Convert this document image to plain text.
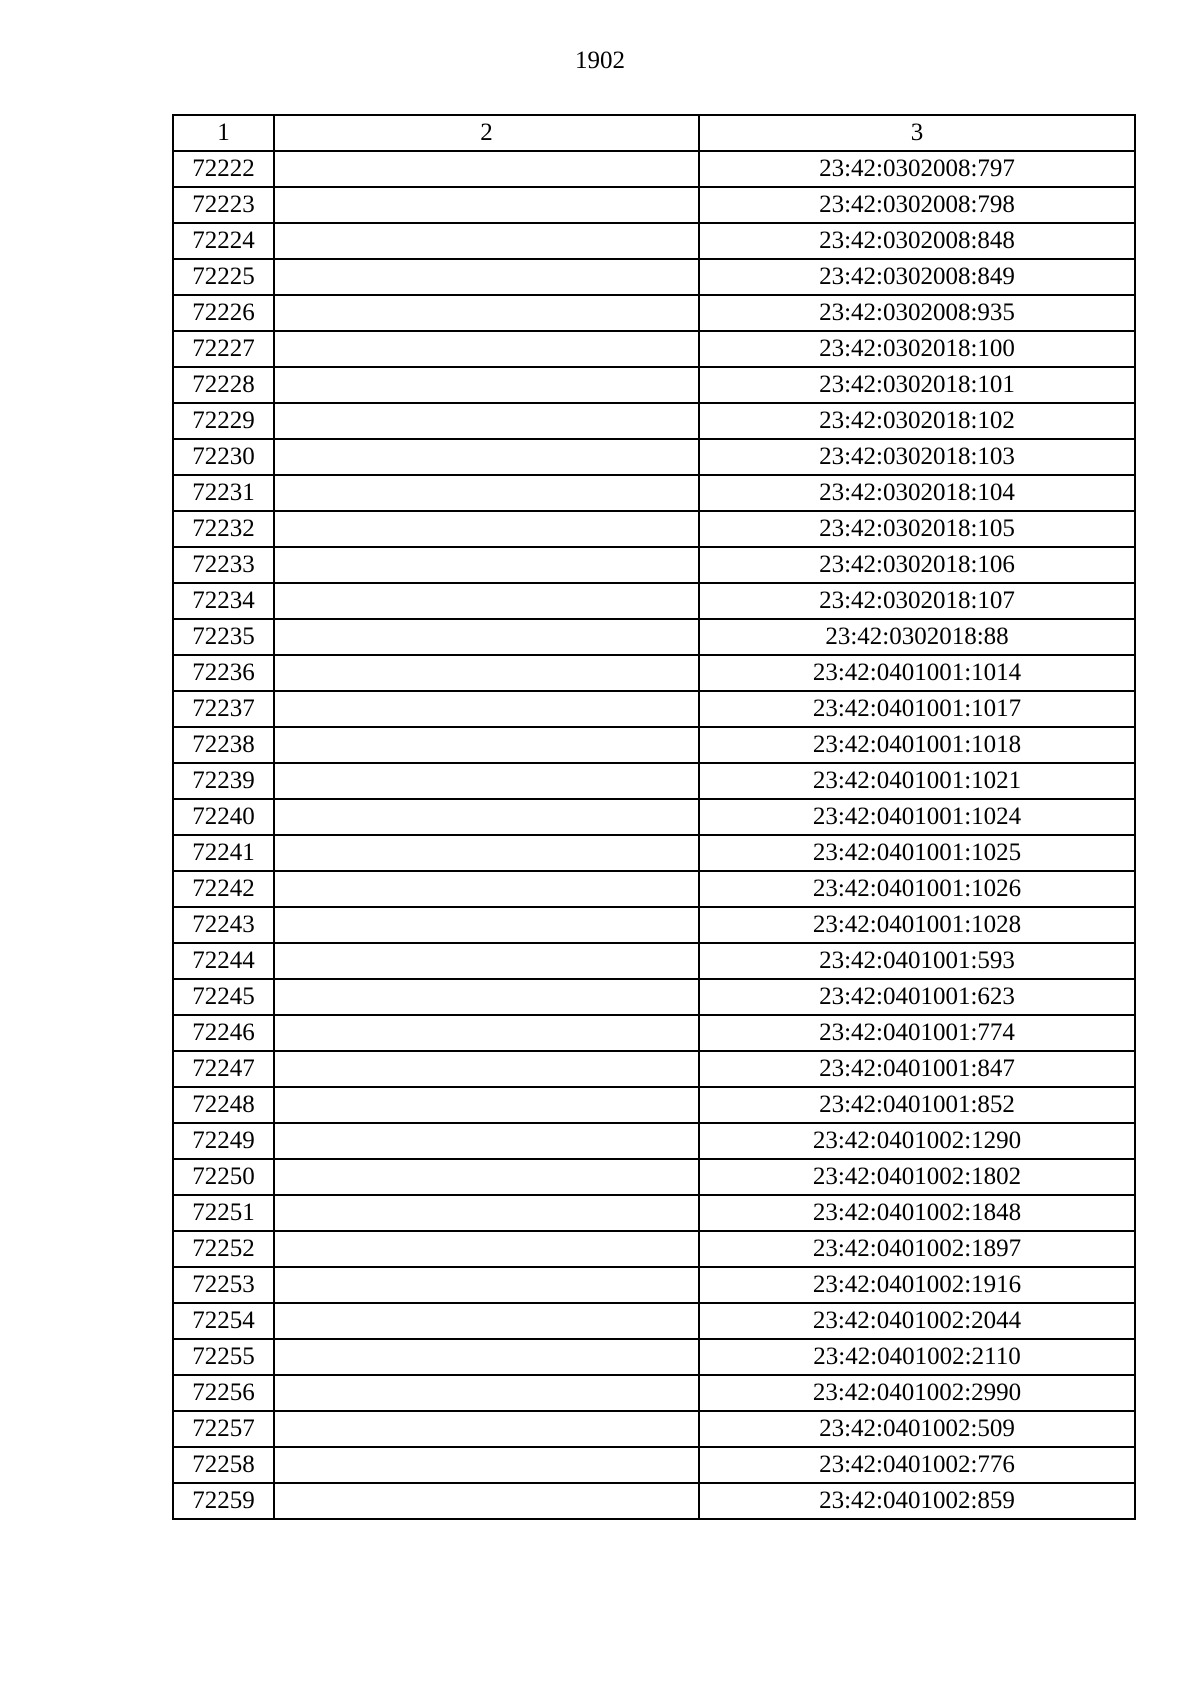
1902
1	2	3
72222		23:42:0302008:797
72223		23:42:0302008:798
72224		23:42:0302008:848
72225		23:42:0302008:849
72226		23:42:0302008:935
72227		23:42:0302018:100
72228		23:42:0302018:101
72229		23:42:0302018:102
72230		23:42:0302018:103
72231		23:42:0302018:104
72232		23:42:0302018:105
72233		23:42:0302018:106
72234		23:42:0302018:107
72235		23:42:0302018:88
72236		23:42:0401001:1014
72237		23:42:0401001:1017
72238		23:42:0401001:1018
72239		23:42:0401001:1021
72240		23:42:0401001:1024
72241		23:42:0401001:1025
72242		23:42:0401001:1026
72243		23:42:0401001:1028
72244		23:42:0401001:593
72245		23:42:0401001:623
72246		23:42:0401001:774
72247		23:42:0401001:847
72248		23:42:0401001:852
72249		23:42:0401002:1290
72250		23:42:0401002:1802
72251		23:42:0401002:1848
72252		23:42:0401002:1897
72253		23:42:0401002:1916
72254		23:42:0401002:2044
72255		23:42:0401002:2110
72256		23:42:0401002:2990
72257		23:42:0401002:509
72258		23:42:0401002:776
72259		23:42:0401002:859
